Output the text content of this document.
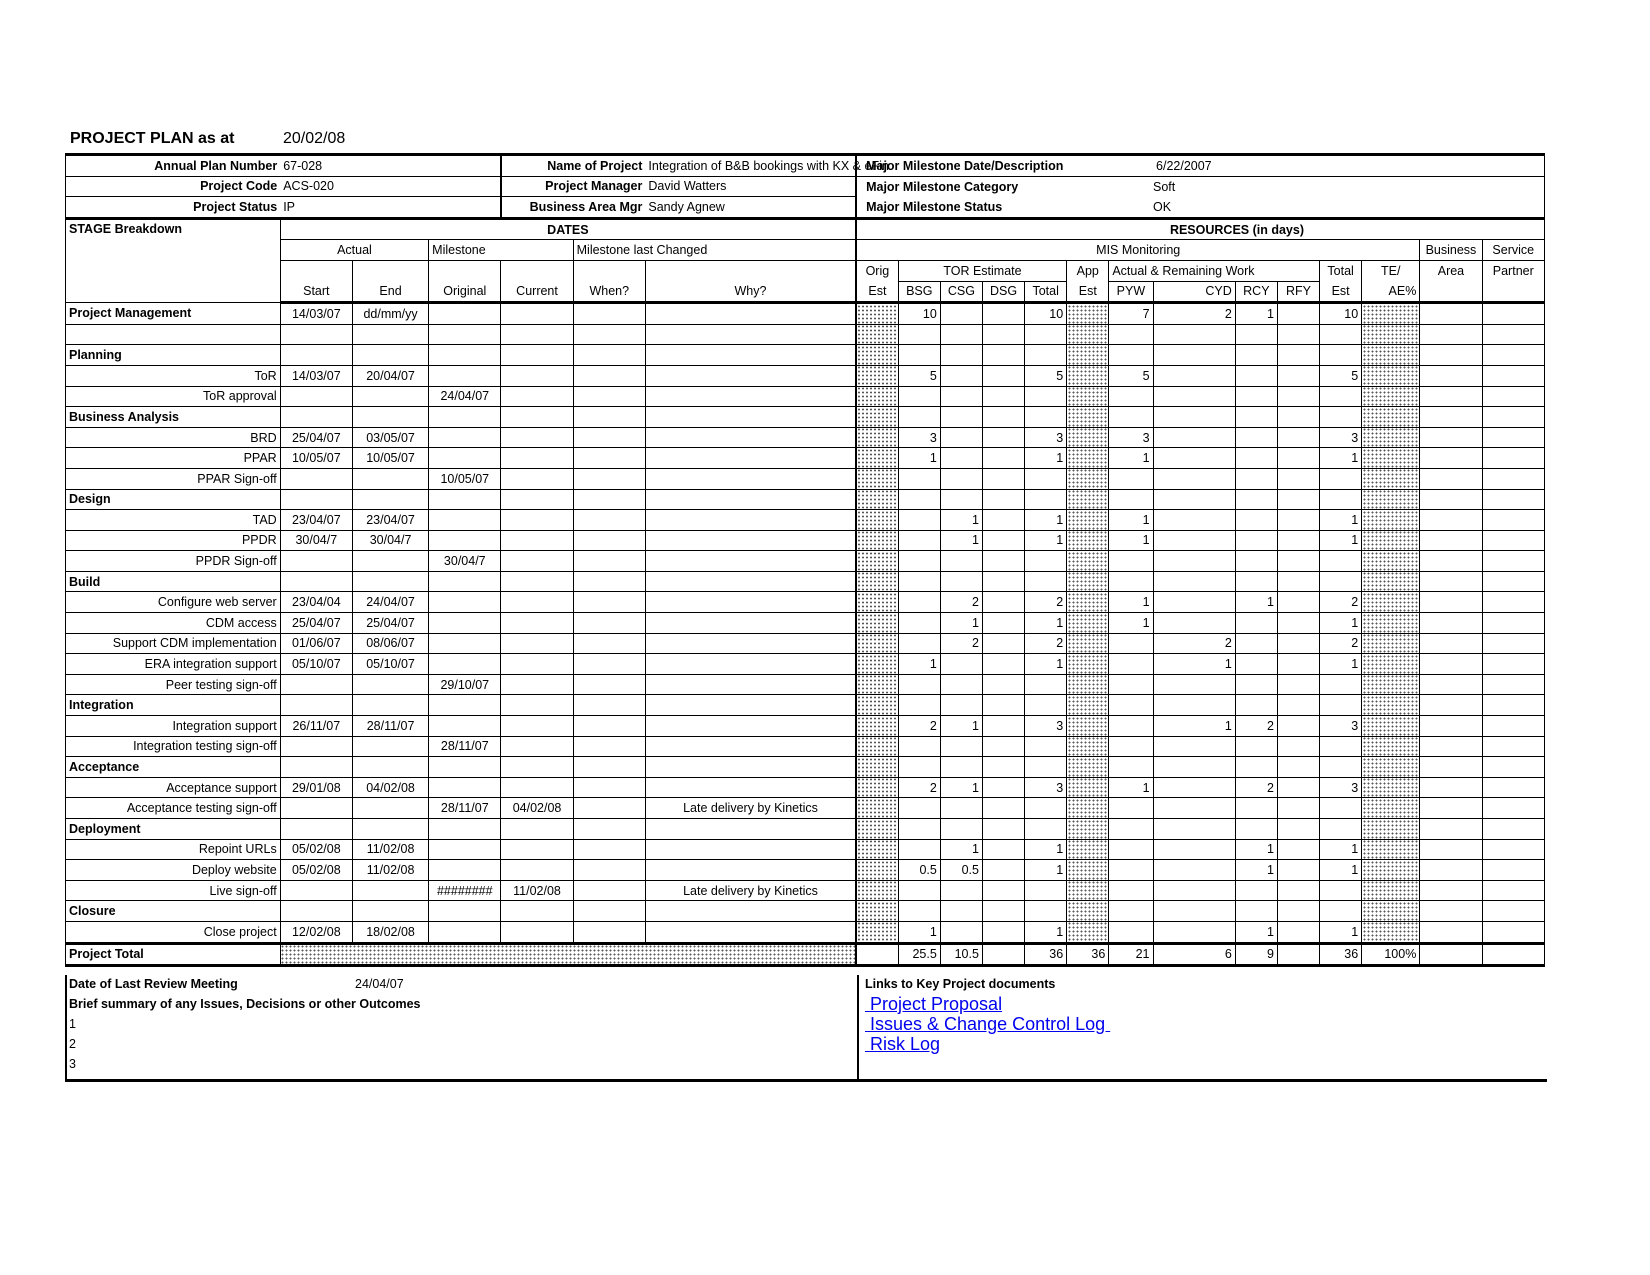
PROJECT PLAN as at	20/02/08
Annual Plan Number	67-028			Name of Project		Integration of B&B bookings with KX & eFin	Major Milestone Date/Description							6/22/2007						
Project Code	ACS-020			Project Manager		David Watters	Major Milestone Category							Soft						
Project Status	IP			Business Area Mgr		Sandy Agnew	Major Milestone Status							OK						
STAGE Breakdown	DATES						RESOURCES (in days)													
	Actual		Milestone		Milestone last Changed		MIS Monitoring												Business	Service
							Orig	TOR Estimate				App	Actual & Remaining Work				Total	TE/	Area	Partner
	Start	End	Original	Current	When?	Why?	Est	BSG	CSG	DSG	Total	Est	PYW	CYD	RCY	RFY	Est	AE%		
Project Management	14/03/07	dd/mm/yy						10			10		7	2	1		10			

Planning																				
ToR	14/03/07	20/04/07						5			5		5				5			
ToR approval			24/04/07																	
Business Analysis																				
BRD	25/04/07	03/05/07						3			3		3				3			
PPAR	10/05/07	10/05/07						1			1		1				1			
PPAR Sign-off			10/05/07																	
Design																				
TAD	23/04/07	23/04/07							1		1		1				1			
PPDR	30/04/7	30/04/7							1		1		1				1			
PPDR Sign-off			30/04/7																	
Build																				
Configure web server	23/04/04	24/04/07							2		2		1		1		2			
CDM access	25/04/07	25/04/07							1		1		1				1			
Support CDM implementation	01/06/07	08/06/07							2		2			2			2			
ERA integration support	05/10/07	05/10/07						1			1			1			1			
Peer testing sign-off			29/10/07																	
Integration																				
Integration support	26/11/07	28/11/07						2	1		3			1	2		3			
Integration testing sign-off			28/11/07																	
Acceptance																				
Acceptance support	29/01/08	04/02/08						2	1		3		1		2		3			
Acceptance testing sign-off			28/11/07	04/02/08		Late delivery by Kinetics														
Deployment																				
Repoint URLs	05/02/08	11/02/08							1		1				1		1			
Deploy website	05/02/08	11/02/08						0.5	0.5		1				1		1			
Live sign-off			########	11/02/08		Late delivery by Kinetics														
Closure																				
Close project	12/02/08	18/02/08						1			1				1		1			
Project Total								25.5	10.5		36	36	21	6	9		36	100%		
Date of Last Review Meeting	24/04/07
Brief summary of any Issues, Decisions or other Outcomes
1
2
3
Links to Key Project documents
Project Proposal
Issues & Change Control Log
Risk Log
